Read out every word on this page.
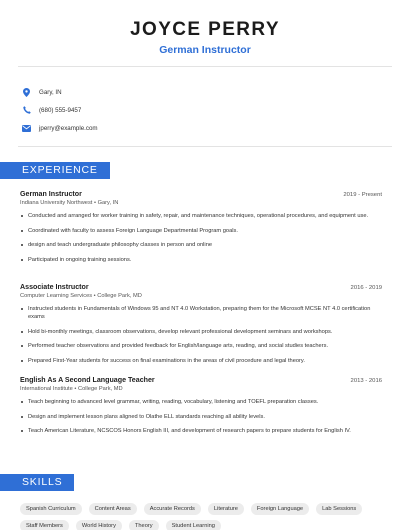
JOYCE PERRY
German Instructor
Gary, IN
(680) 555-9457
jperry@example.com
EXPERIENCE
German Instructor	2019 - Present
Indiana University Northwest • Gary, IN
Conducted and arranged for worker training in safety, repair, and maintenance techniques, operational procedures, and equipment use.
Coordinated with faculty to assess Foreign Language Departmental Program goals.
design and teach undergraduate philosophy classes in person and online
Participated in ongoing training sessions.
Associate Instructor	2016 - 2019
Computer Learning Services • College Park, MD
Instructed students in Fundamentals of Windows 95 and NT 4.0 Workstation, preparing them for the Microsoft MCSE NT 4.0 certification exams
Hold bi-monthly meetings, classroom observations, develop relevant professional development seminars and workshops.
Performed teacher observations and provided feedback for English/language arts, reading, and social studies teachers.
Prepared First-Year students for success on final examinations in the areas of civil procedure and legal theory.
English As A Second Language Teacher	2013 - 2016
International Institute • College Park, MD
Teach beginning to advanced level grammar, writing, reading, vocabulary, listening and TOEFL preparation classes.
Design and implement lesson plans aligned to Olathe ELL standards reaching all ability levels.
Teach American Literature, NCSCOS Honors English III, and development of research papers to prepare students for English IV.
SKILLS
Spanish Curriculum	Content Areas	Accurate Records	Literature	Foreign Language	Lab Sessions
Staff Members	World History	Theory	Student Learning
